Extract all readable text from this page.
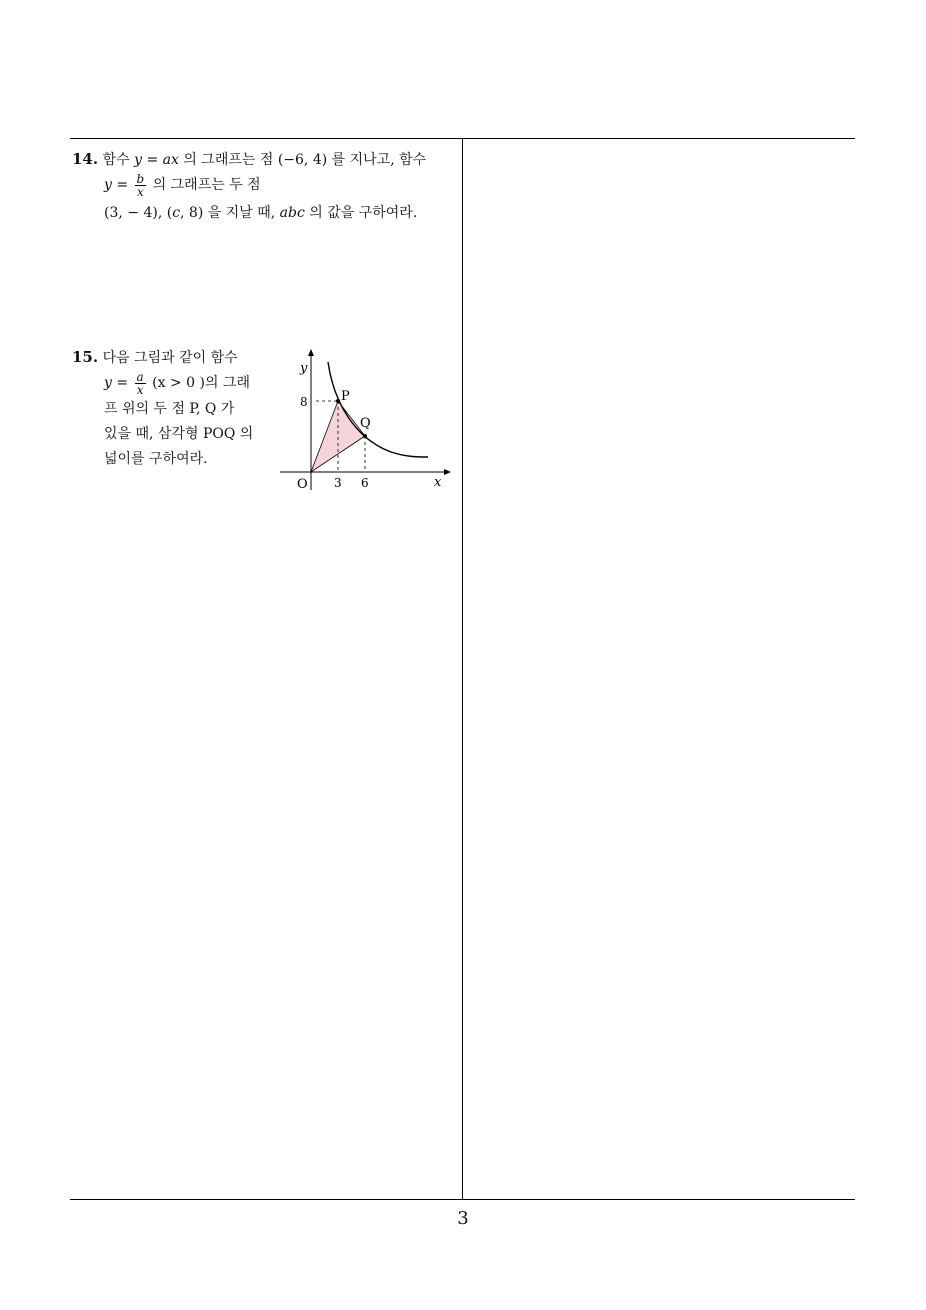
14. 함수 y = ax 의 그래프는 점 (−6, 4) 를 지나고, 함수
$y = \frac{b}{x}$ 의 그래프는 두 점
(3, − 4), (c, 8) 을 지날 때, abc 의 값을 구하여라.
15. 다음 그림과 같이 함수
$y = \frac{a}{x} (x > 0$ )의 그래
프 위의 두 점 P, Q 가
있을 때, 삼각형 POQ 의
넓이를 구하여라.
y
x
O
P
Q
8
3 6
3
